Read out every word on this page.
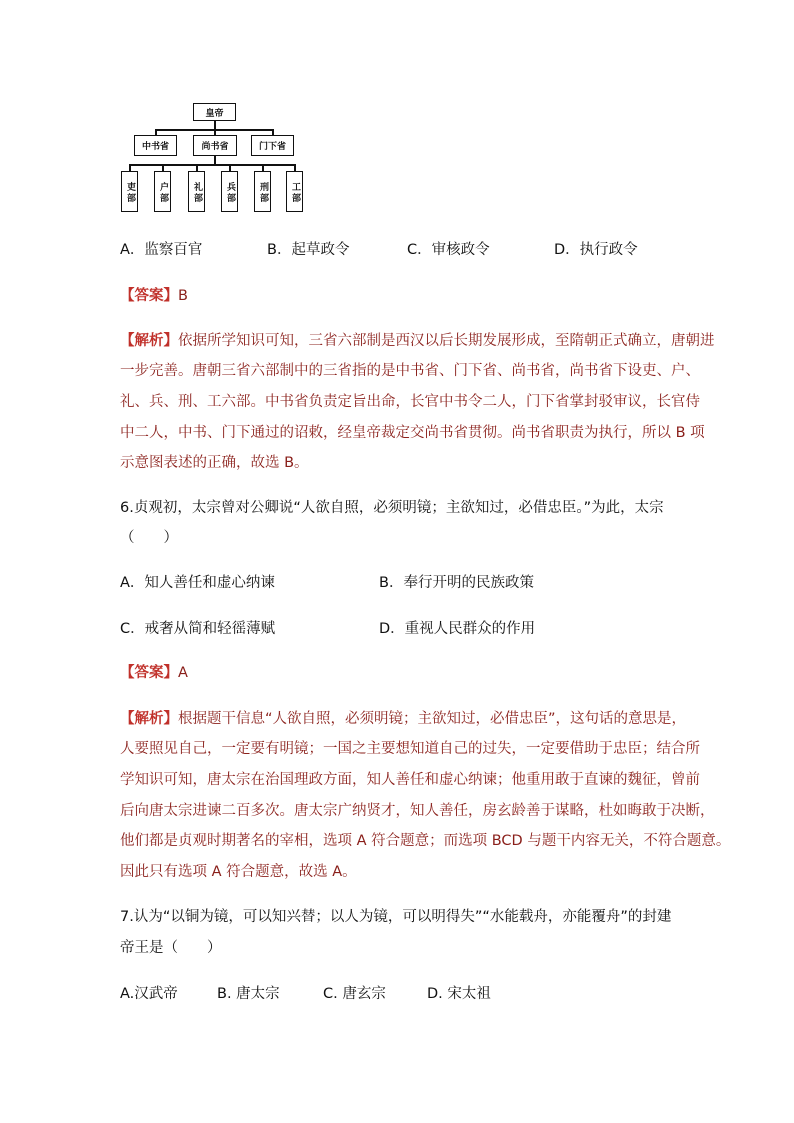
皇帝
中书省	尚书省	门下省
吏部	户部	礼部	兵部	刑部 工部
A．监察百官	B．起草政令	C．审核政令	D．执行政令
【答案】B
【解析】依据所学知识可知，三省六部制是西汉以后长期发展形成，至隋朝正式确立，唐朝进
一步完善。唐朝三省六部制中的三省指的是中书省、门下省、尚书省，尚书省下设吏、户、
礼、兵、刑、工六部。中书省负责定旨出命，长官中书令二人，门下省掌封驳审议，长官侍
中二人，中书、门下通过的诏敕，经皇帝裁定交尚书省贯彻。尚书省职责为执行，所以 B 项
示意图表述的正确，故选 B。
6.贞观初，太宗曾对公卿说“人欲自照，必须明镜；主欲知过，必借忠臣。”为此，太宗
（　　）
A．知人善任和虚心纳谏	B．奉行开明的民族政策
C．戒奢从简和轻徭薄赋	D．重视人民群众的作用
【答案】A
【解析】根据题干信息“人欲自照，必须明镜；主欲知过，必借忠臣”，这句话的意思是，
人要照见自己，一定要有明镜；一国之主要想知道自己的过失，一定要借助于忠臣；结合所
学知识可知，唐太宗在治国理政方面，知人善任和虚心纳谏；他重用敢于直谏的魏征，曾前
后向唐太宗进谏二百多次。唐太宗广纳贤才，知人善任，房玄龄善于谋略，杜如晦敢于决断，
他们都是贞观时期著名的宰相，选项 A 符合题意；而选项 BCD 与题干内容无关，不符合题意。
因此只有选项 A 符合题意，故选 A。
7.认为“以铜为镜，可以知兴替；以人为镜，可以明得失”“水能载舟，亦能覆舟”的封建
帝王是（　　）
A.汉武帝	B. 唐太宗	C. 唐玄宗	D. 宋太祖
